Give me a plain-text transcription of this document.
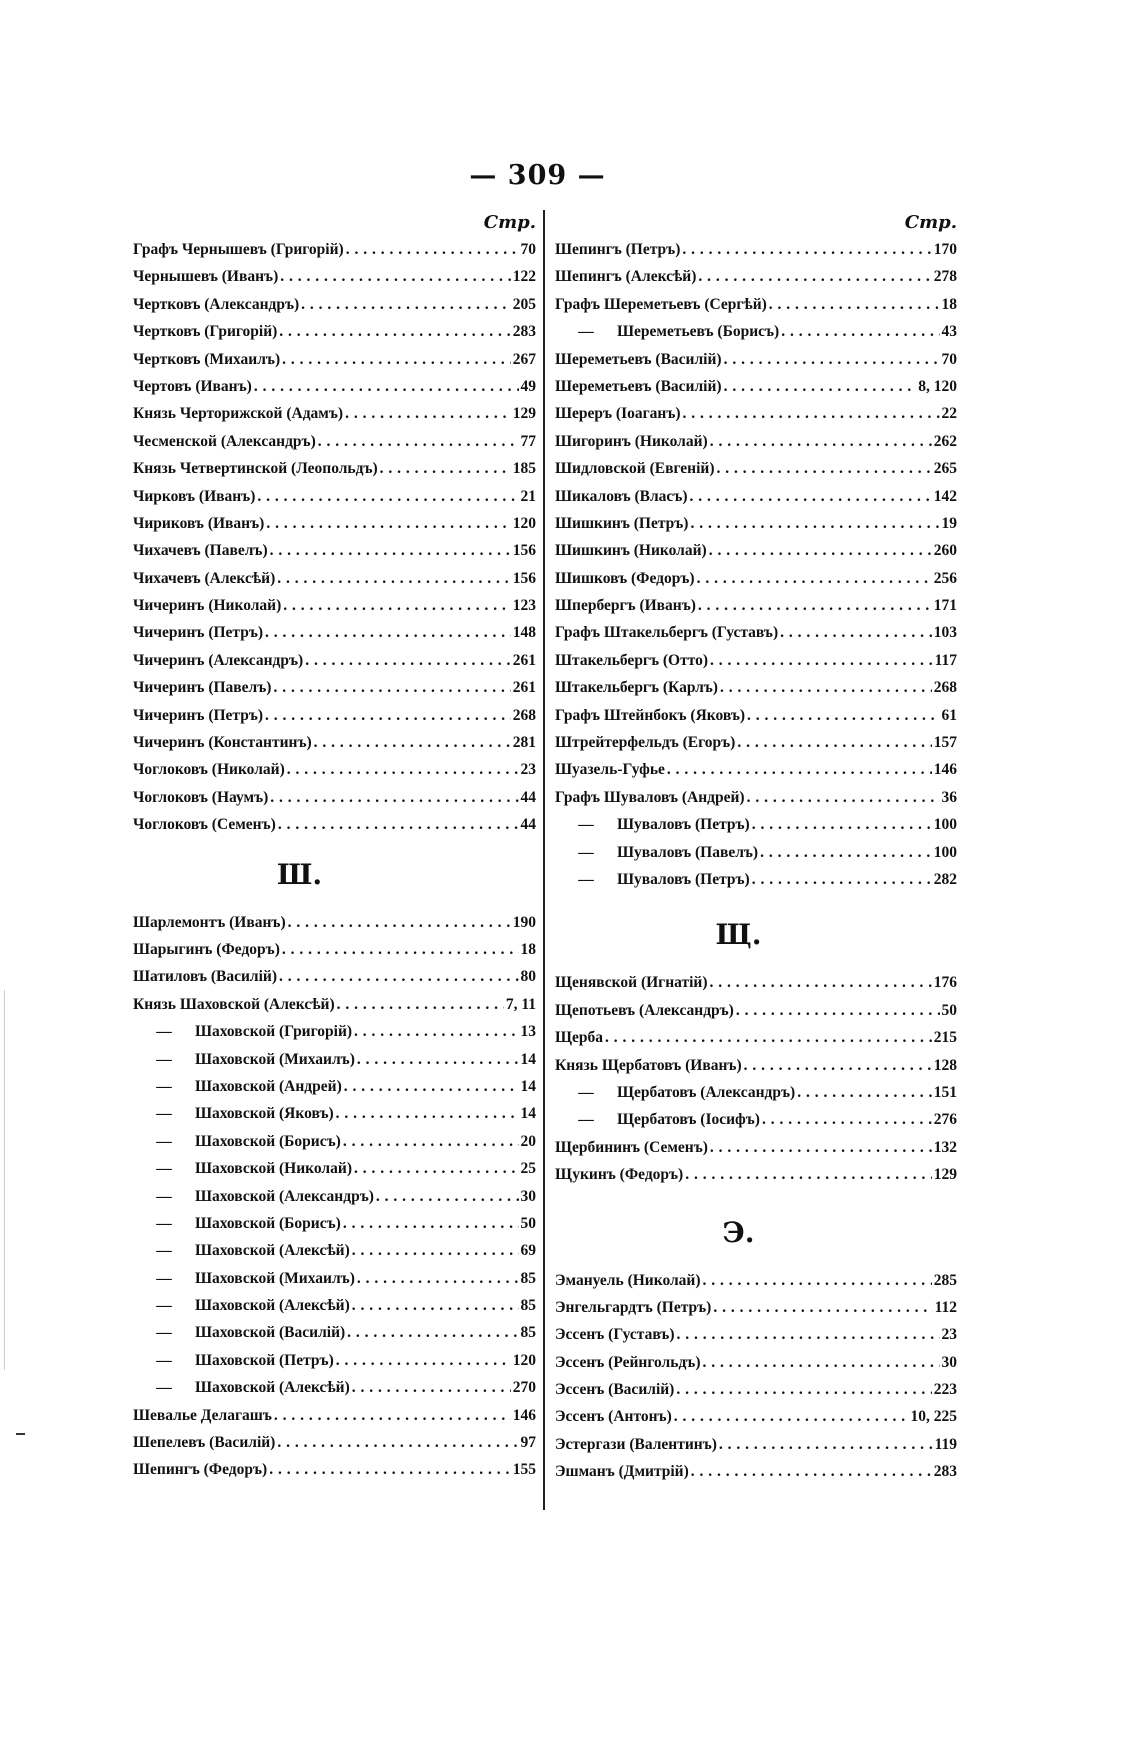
— 309 —
Стр.
Графъ Чернышевъ (Григорій) . . .	70
Чернышевъ (Иванъ) . . .	122
Чертковъ (Александръ) . . .	205
Чертковъ (Григорій) . . .	283
Чертковъ (Михаилъ) . . .	267
Чертовъ (Иванъ) . . .	49
Князь Черторижской (Адамъ) . . .	129
Чесменской (Александръ) . . .	77
Князь Четвертинской (Леопольдъ) . . .	185
Чирковъ (Иванъ) . . .	21
Чириковъ (Иванъ) . . .	120
Чихачевъ (Павелъ) . . .	156
Чихачевъ (Алексѣй) . . .	156
Чичеринъ (Николай) . . .	123
Чичеринъ (Петръ) . . .	148
Чичеринъ (Александръ) . . .	261
Чичеринъ (Павелъ) . . .	261
Чичеринъ (Петръ) . . .	268
Чичеринъ (Константинъ) . . .	281
Чоглоковъ (Николай) . . .	23
Чоглоковъ (Наумъ) . . .	44
Чоглоковъ (Семенъ) . . .	44
Ш.
Шарлемонтъ (Иванъ) . . .	190
Шарыгинъ (Федоръ) . . .	18
Шатиловъ (Василій) . . .	80
Князь Шаховской (Алексѣй) . . .	7, 11
—	Шаховской (Григорій) . . .	13
—	Шаховской (Михаилъ) . . .	14
—	Шаховской (Андрей) . . .	14
—	Шаховской (Яковъ) . . .	14
—	Шаховской (Борисъ) . . .	20
—	Шаховской (Николай) . . .	25
—	Шаховской (Александръ) . . .	30
—	Шаховской (Борисъ) . . .	50
—	Шаховской (Алексѣй) . . .	69
—	Шаховской (Михаилъ) . . .	85
—	Шаховской (Алексѣй) . . .	85
—	Шаховской (Василій) . . .	85
—	Шаховской (Петръ) . . .	120
—	Шаховской (Алексѣй) . . .	270
Шевалье Делагашъ . . .	146
Шепелевъ (Василій) . . .	97
Шепингъ (Федоръ) . . .	155
Стр.
Шепингъ (Петръ) . . .	170
Шепингъ (Алексѣй) . . .	278
Графъ Шереметьевъ (Сергѣй) . . .	18
—	Шереметьевъ (Борисъ) . . .	43
Шереметьевъ (Василій) . . .	70
Шереметьевъ (Василій) . . .	8, 120
Шереръ (Іоаганъ) . . .	22
Шигоринъ (Николай) . . .	262
Шидловской (Евгеній) . . .	265
Шикаловъ (Власъ) . . .	142
Шишкинъ (Петръ) . . .	19
Шишкинъ (Николай) . . .	260
Шишковъ (Федоръ) . . .	256
Шпербергъ (Иванъ) . . .	171
Графъ Штакельбергъ (Густавъ) . . .	103
Штакельбергъ (Отто) . . .	117
Штакельбергъ (Карлъ) . . .	268
Графъ Штейнбокъ (Яковъ) . . .	61
Штрейтерфельдъ (Егоръ) . . .	157
Шуазель-Гуфье . . .	146
Графъ Шуваловъ (Андрей) . . .	36
—	Шуваловъ (Петръ) . . .	100
—	Шуваловъ (Павелъ) . . .	100
—	Шуваловъ (Петръ) . . .	282
Щ.
Щенявской (Игнатій) . . .	176
Щепотьевъ (Александръ) . . .	50
Щерба . . .	215
Князь Щербатовъ (Иванъ) . . .	128
—	Щербатовъ (Александръ) . . .	151
—	Щербатовъ (Іосифъ) . . .	276
Щербининъ (Семенъ) . . .	132
Щукинъ (Федоръ) . . .	129
Э.
Эмануель (Николай) . . .	285
Энгельгардтъ (Петръ) . . .	112
Эссенъ (Густавъ) . . .	23
Эссенъ (Рейнгольдъ) . . .	30
Эссенъ (Василій) . . .	223
Эссенъ (Антонъ) . . .	10, 225
Эстергази (Валентинъ) . . .	119
Эшманъ (Дмитрій) . . .	283
